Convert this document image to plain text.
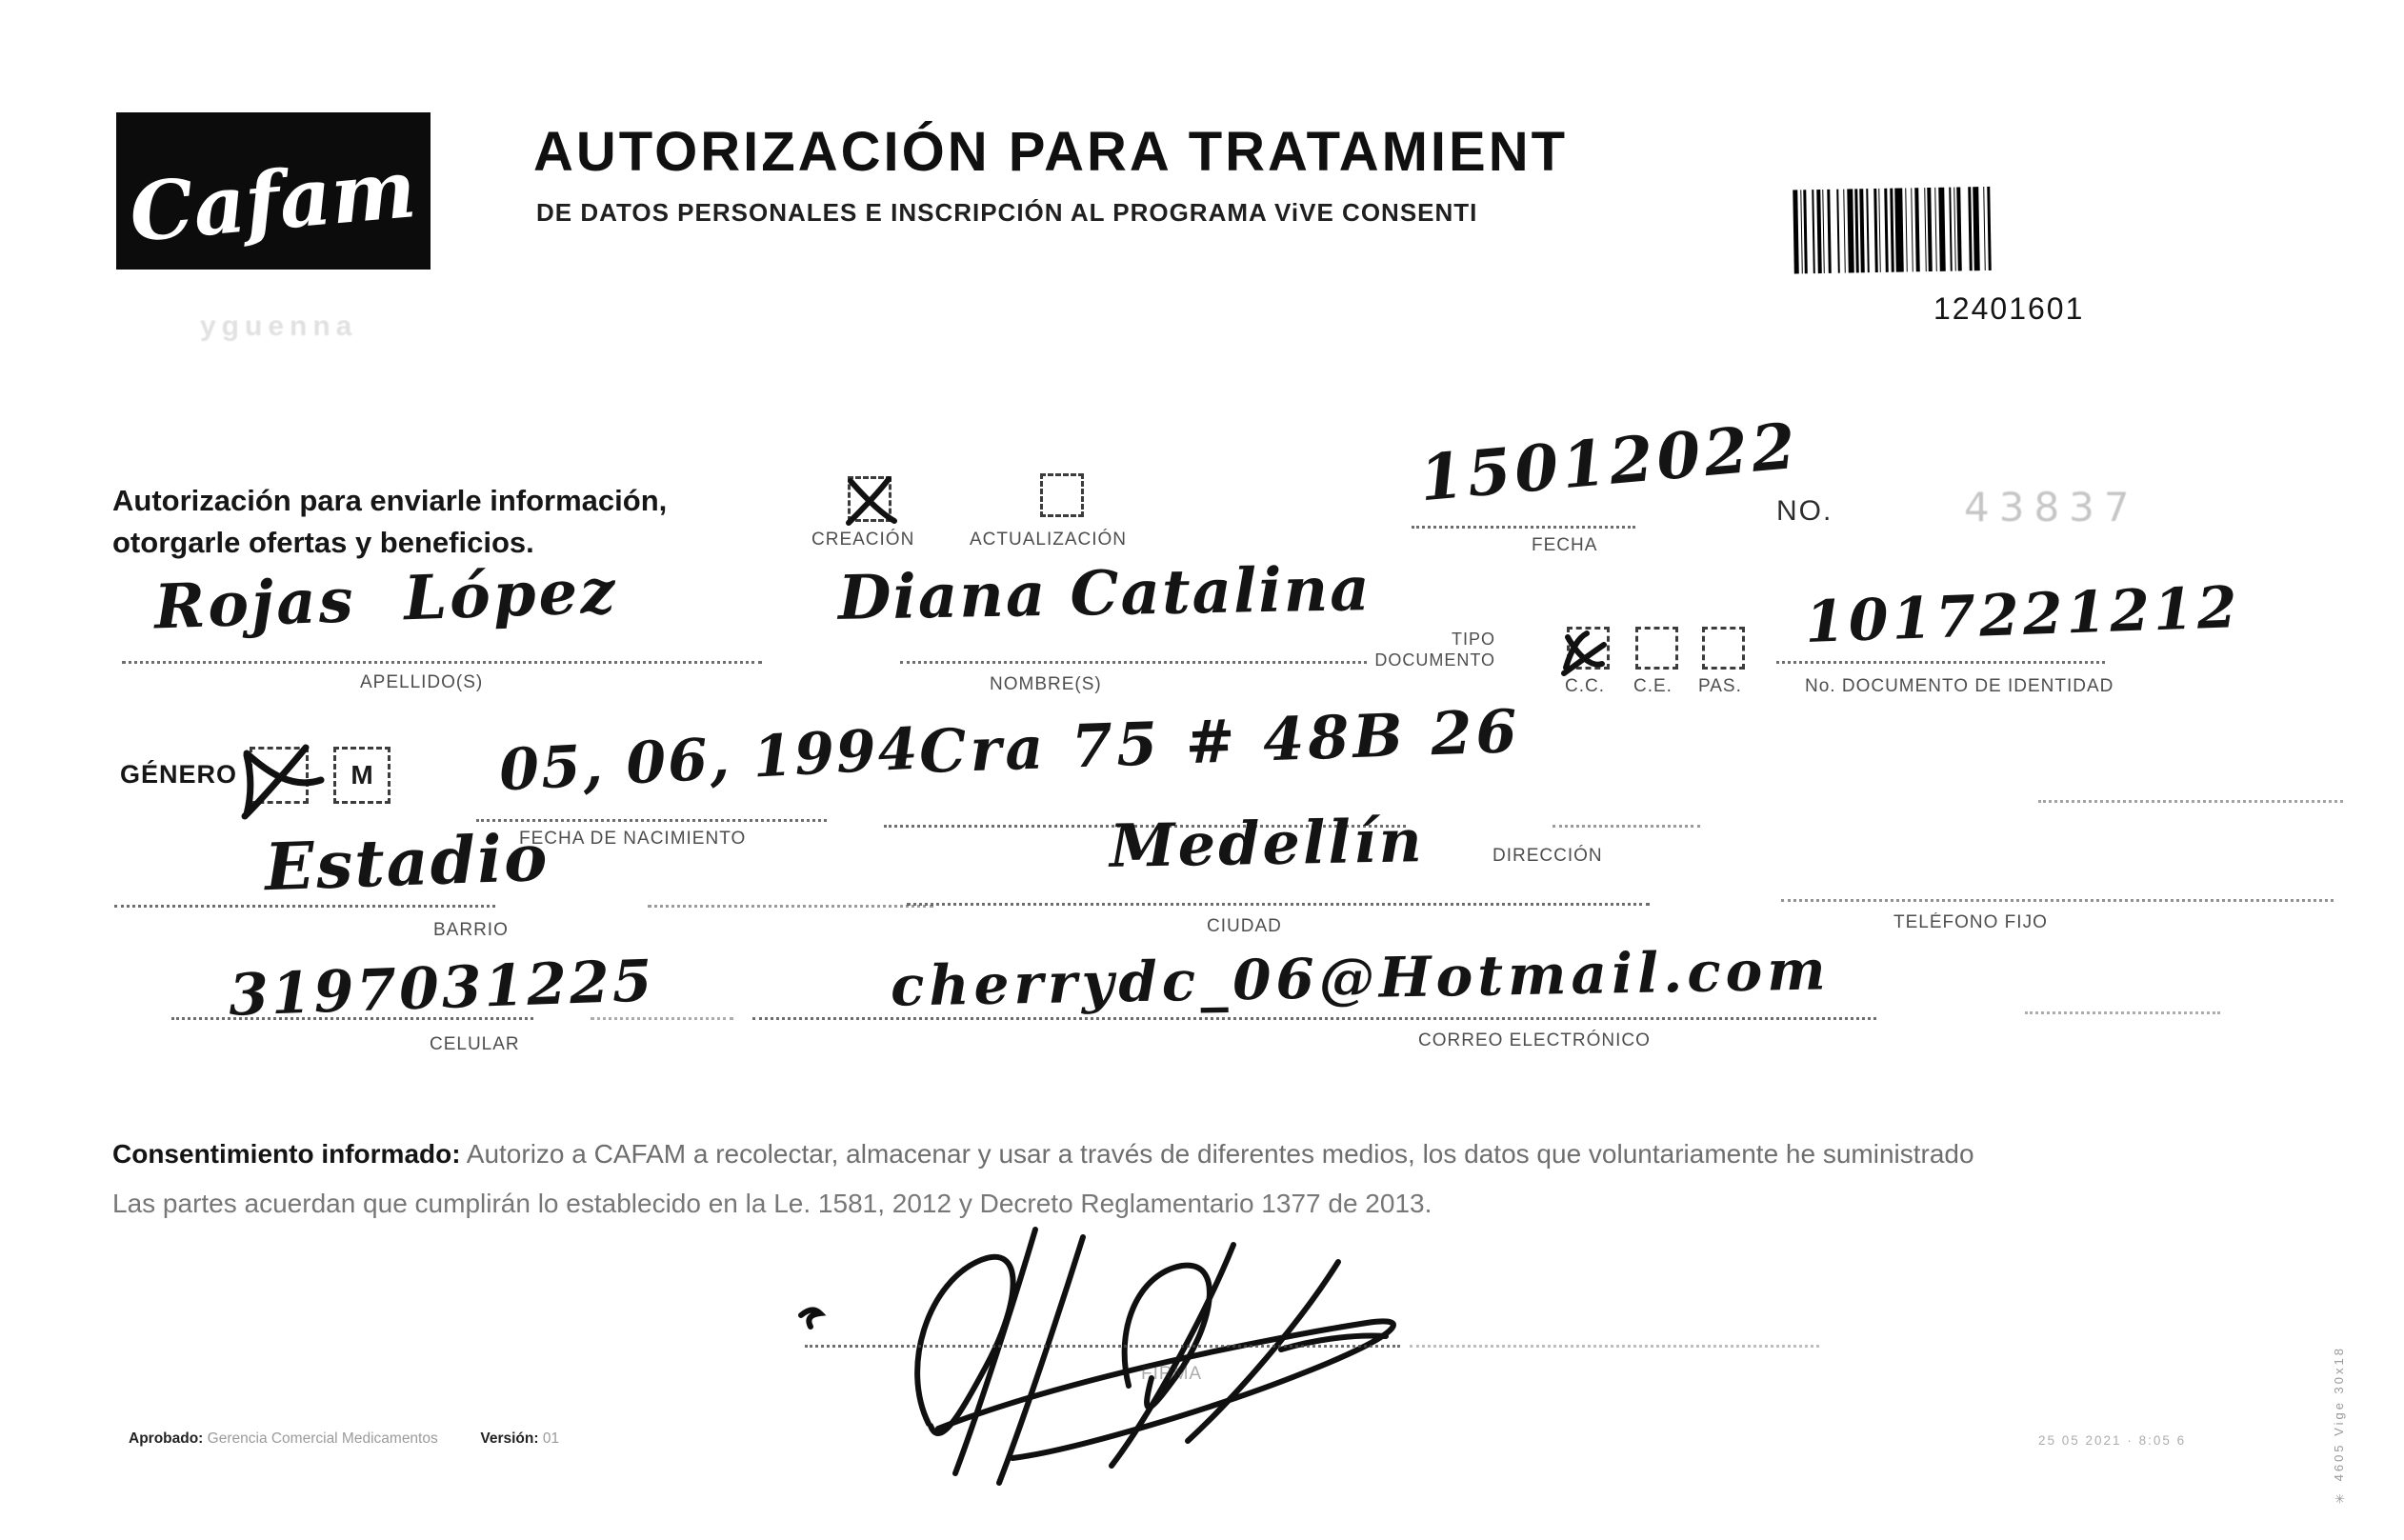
Cafam
yguenna
AUTORIZACIÓN PARA TRATAMIENT
DE DATOS PERSONALES E INSCRIPCIÓN AL PROGRAMA ViVE CONSENTI
12401601
Autorización para enviarle información,
otorgarle ofertas y beneficios.	CREACIÓN	ACTUALIZACIÓN
15012022
FECHA
NO.	43837
Rojas  López
APELLIDO(S)
Diana Catalina
NOMBRE(S)
TIPO
DOCUMENTO
C.C. C.E. PAS.
1017221212
No. DOCUMENTO DE IDENTIDAD
GÉNERO	M 05, 06, 1994
FECHA DE NACIMIENTO
Cra 75 # 48B 26
DIRECCIÓN
Estadio
BARRIO
Medellín
CIUDAD	TELÉFONO FIJO
3197031225
CELULAR
cherrydc_06@Hotmail.com
CORREO ELECTRÓNICO
Consentimiento informado: Autorizo a CAFAM a recolectar, almacenar y usar a través de diferentes medios, los datos que voluntariamente he suministrado
Las partes acuerdan que cumplirán lo establecido en la Le. 1581, 2012 y Decreto Reglamentario 1377 de 2013.
FIRMA
Aprobado: Gerencia Comercial Medicamentos	Versión: 01	25 05 2021 · 8:05 6	✳ 4605 Vige 30x18
